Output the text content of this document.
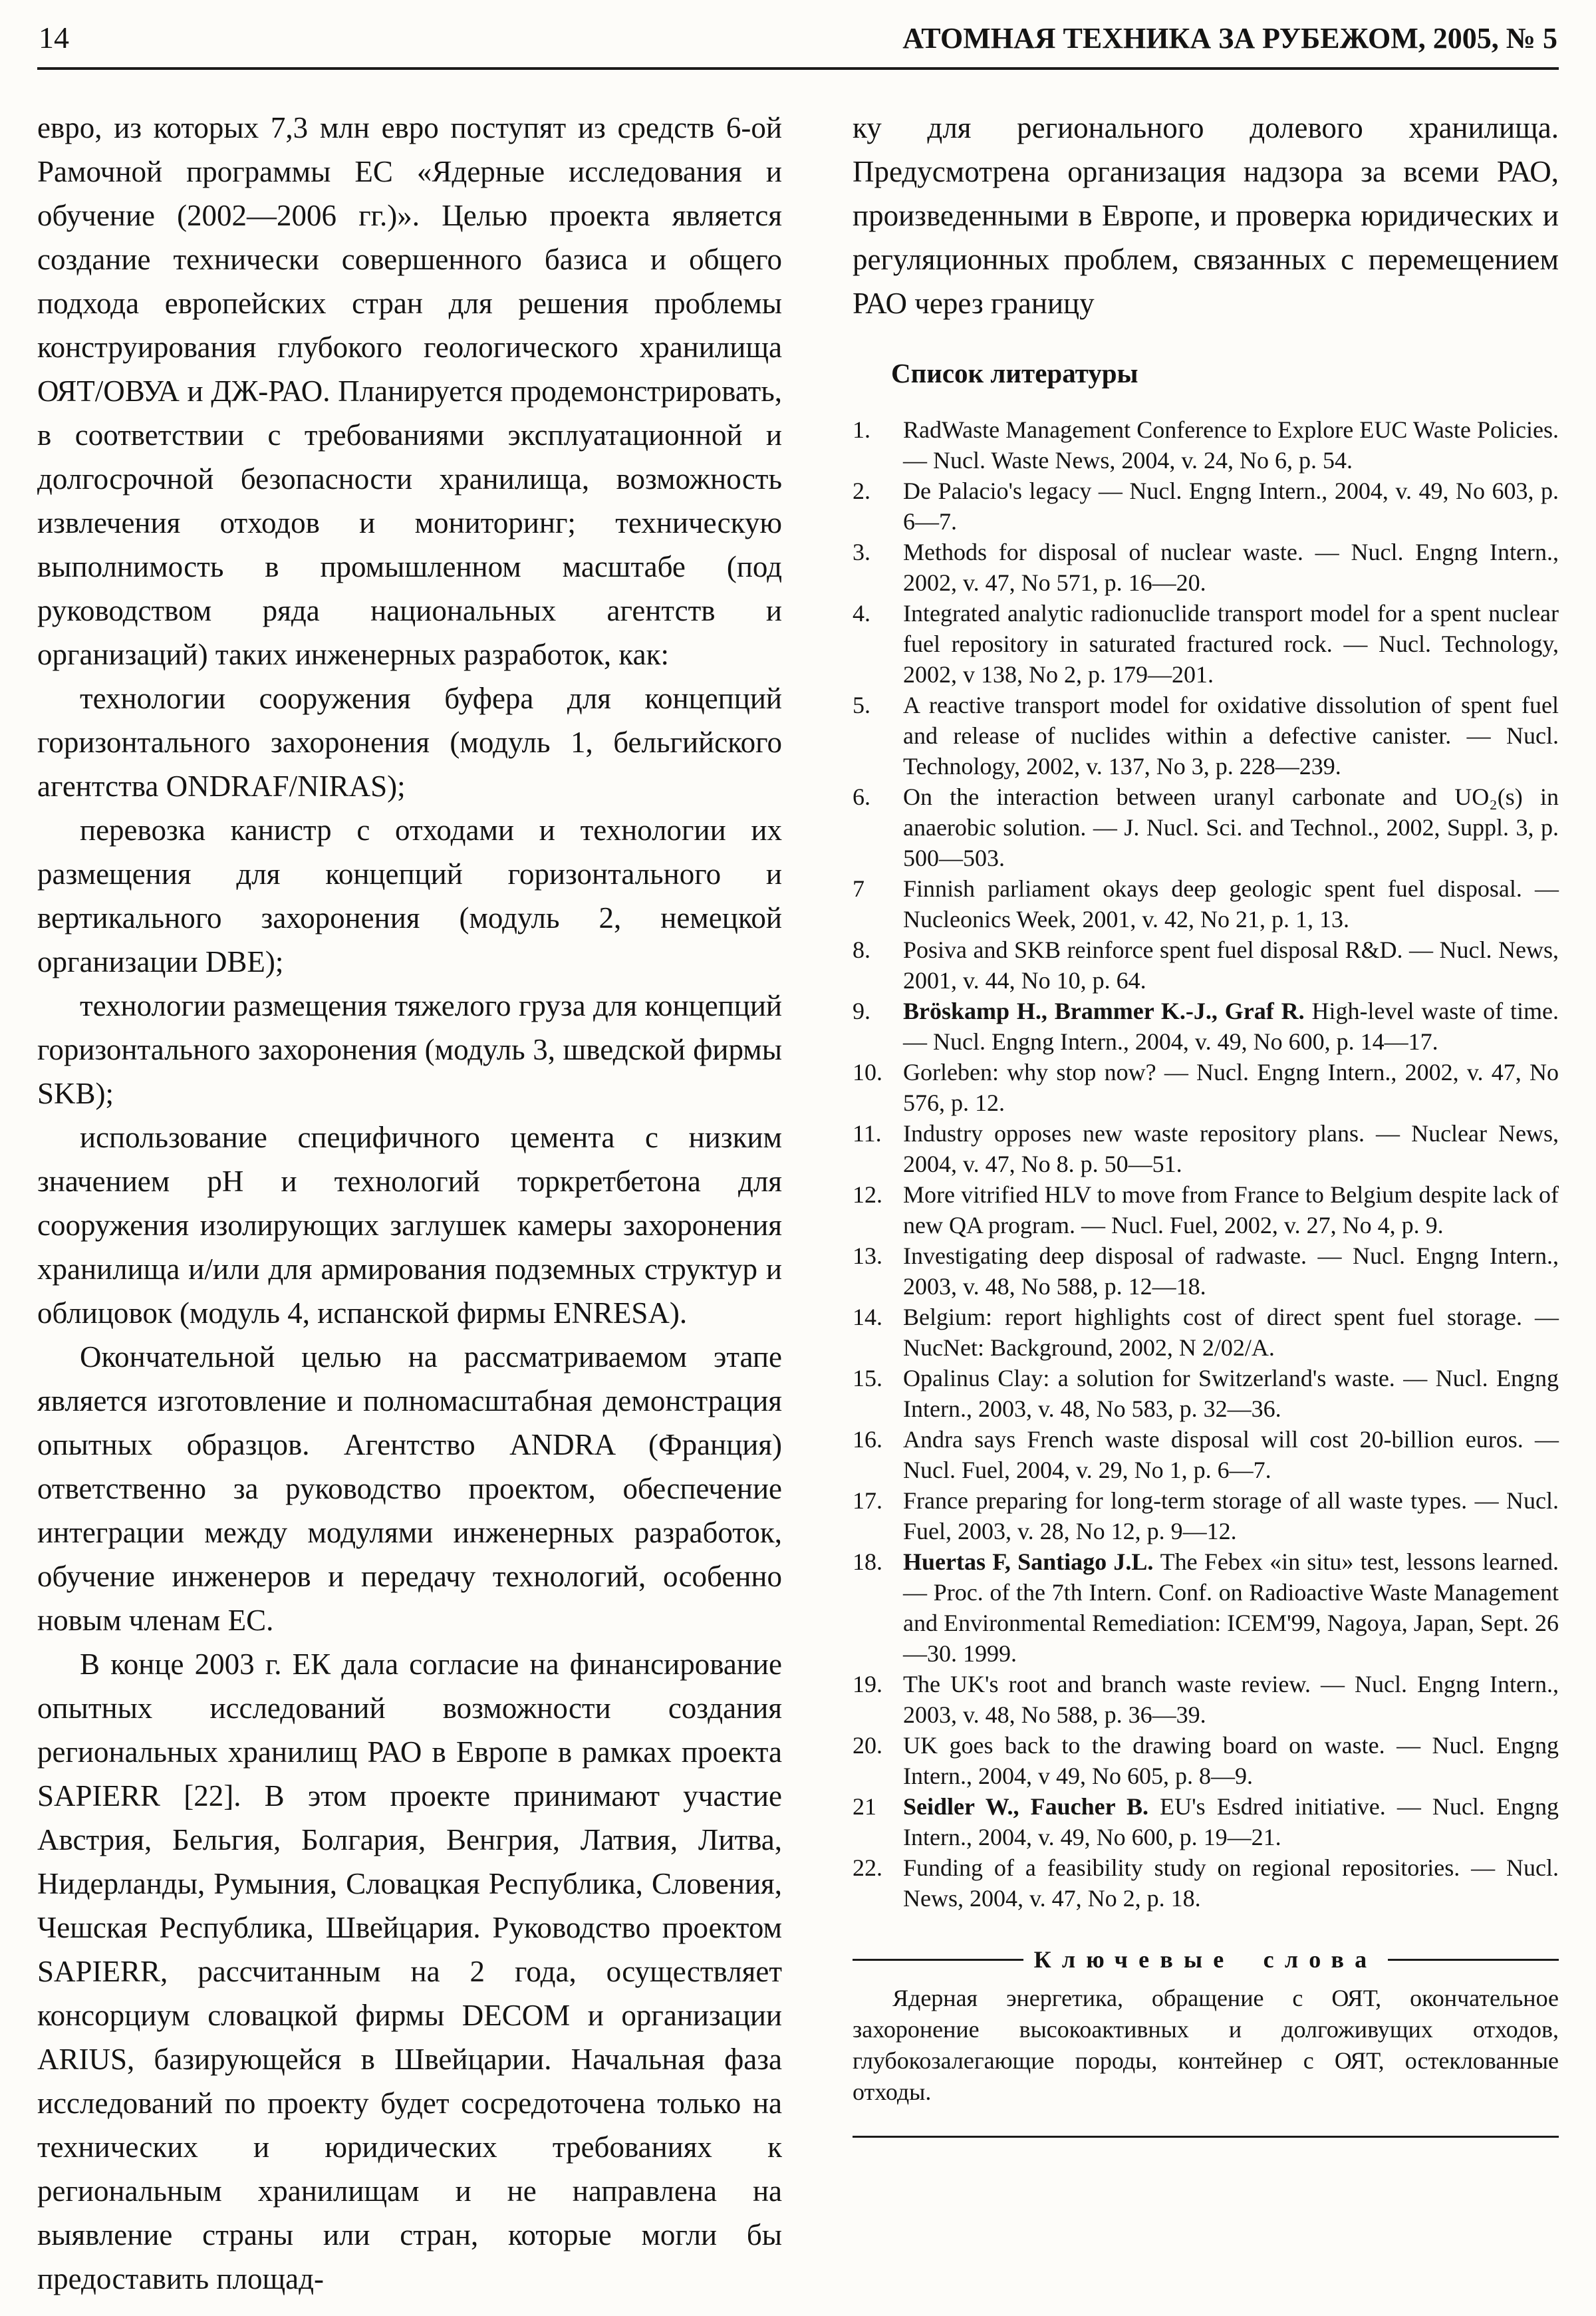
14	АТОМНАЯ ТЕХНИКА ЗА РУБЕЖОМ, 2005, № 5

евро, из которых 7,3 млн евро поступят из средств 6-ой Рамочной программы ЕС «Ядерные исследования и обучение (2002—2006 гг.)». Целью проекта является создание технически совершенного базиса и общего подхода европейских стран для решения проблемы конструирования глубокого геологического хранилища ОЯТ/ОВУА и ДЖ-РАО. Планируется продемонстрировать, в соответствии с требованиями эксплуатационной и долгосрочной безопасности хранилища, возможность извлечения отходов и мониторинг; техническую выполнимость в промышленном масштабе (под руководством ряда национальных агентств и организаций) таких инженерных разработок, как:

технологии сооружения буфера для концепций горизонтального захоронения (модуль 1, бельгийского агентства ONDRAF/NIRAS);

перевозка канистр с отходами и технологии их размещения для концепций горизонтального и вертикального захоронения (модуль 2, немецкой организации DBE);

технологии размещения тяжелого груза для концепций горизонтального захоронения (модуль 3, шведской фирмы SKB);

использование специфичного цемента с низким значением pH и технологий торкретбетона для сооружения изолирующих заглушек камеры захоронения хранилища и/или для армирования подземных структур и облицовок (модуль 4, испанской фирмы ENRESA).

Окончательной целью на рассматриваемом этапе является изготовление и полномасштабная демонстрация опытных образцов. Агентство ANDRA (Франция) ответственно за руководство проектом, обеспечение интеграции между модулями инженерных разработок, обучение инженеров и передачу технологий, особенно новым членам ЕС.

В конце 2003 г. ЕК дала согласие на финансирование опытных исследований возможности создания региональных хранилищ РАО в Европе в рамках проекта SAPIERR [22]. В этом проекте принимают участие Австрия, Бельгия, Болгария, Венгрия, Латвия, Литва, Нидерланды, Румыния, Словацкая Республика, Словения, Чешская Республика, Швейцария. Руководство проектом SAPIERR, рассчитанным на 2 года, осуществляет консорциум словацкой фирмы DECOM и организации ARIUS, базирующейся в Швейцарии. Начальная фаза исследований по проекту будет сосредоточена только на технических и юридических требованиях к региональным хранилищам и не направлена на выявление страны или стран, которые могли бы предоставить площад-

ку для регионального долевого хранилища. Предусмотрена организация надзора за всеми РАО, произведенными в Европе, и проверка юридических и регуляционных проблем, связанных с перемещением РАО через границу

Список литературы
1.	RadWaste Management Conference to Explore EUC Waste Policies. — Nucl. Waste News, 2004, v. 24, No 6, p. 54.
2.	De Palacio's legacy — Nucl. Engng Intern., 2004, v. 49, No 603, p. 6—7.
3.	Methods for disposal of nuclear waste. — Nucl. Engng Intern., 2002, v. 47, No 571, p. 16—20.
4.	Integrated analytic radionuclide transport model for a spent nuclear fuel repository in saturated fractured rock. — Nucl. Technology, 2002, v 138, No 2, p. 179—201.
5.	A reactive transport model for oxidative dissolution of spent fuel and release of nuclides within a defective canister. — Nucl. Technology, 2002, v. 137, No 3, p. 228—239.
6.	On the interaction between uranyl carbonate and UO₂(s) in anaerobic solution. — J. Nucl. Sci. and Technol., 2002, Suppl. 3, p. 500—503.
7	Finnish parliament okays deep geologic spent fuel disposal. — Nucleonics Week, 2001, v. 42, No 21, p. 1, 13.
8.	Posiva and SKB reinforce spent fuel disposal R&D. — Nucl. News, 2001, v. 44, No 10, p. 64.
9.	Bröskamp H., Brammer K.-J., Graf R. High-level waste of time. — Nucl. Engng Intern., 2004, v. 49, No 600, p. 14—17.
10. Gorleben: why stop now? — Nucl. Engng Intern., 2002, v. 47, No 576, p. 12.
11. Industry opposes new waste repository plans. — Nuclear News, 2004, v. 47, No 8. p. 50—51.
12. More vitrified HLV to move from France to Belgium despite lack of new QA program. — Nucl. Fuel, 2002, v. 27, No 4, p. 9.
13. Investigating deep disposal of radwaste. — Nucl. Engng Intern., 2003, v. 48, No 588, p. 12—18.
14. Belgium: report highlights cost of direct spent fuel storage. — NucNet: Background, 2002, N 2/02/A.
15. Opalinus Clay: a solution for Switzerland's waste. — Nucl. Engng Intern., 2003, v. 48, No 583, p. 32—36.
16. Andra says French waste disposal will cost 20-billion euros. — Nucl. Fuel, 2004, v. 29, No 1, p. 6—7.
17. France preparing for long-term storage of all waste types. — Nucl. Fuel, 2003, v. 28, No 12, p. 9—12.
18. Huertas F, Santiago J.L. The Febex «in situ» test, lessons learned. — Proc. of the 7th Intern. Conf. on Radioactive Waste Management and Environmental Remediation: ICEM'99, Nagoya, Japan, Sept. 26—30. 1999.
19. The UK's root and branch waste review. — Nucl. Engng Intern., 2003, v. 48, No 588, p. 36—39.
20. UK goes back to the drawing board on waste. — Nucl. Engng Intern., 2004, v 49, No 605, p. 8—9.
21	Seidler W., Faucher B. EU's Esdred initiative. — Nucl. Engng Intern., 2004, v. 49, No 600, p. 19—21.
22. Funding of a feasibility study on regional repositories. — Nucl. News, 2004, v. 47, No 2, p. 18.
Ключевые слова

Ядерная энергетика, обращение с ОЯТ, окончательное захоронение высокоактивных и долгоживущих отходов, глубокозалегающие породы, контейнер с ОЯТ, остеклованные отходы.
